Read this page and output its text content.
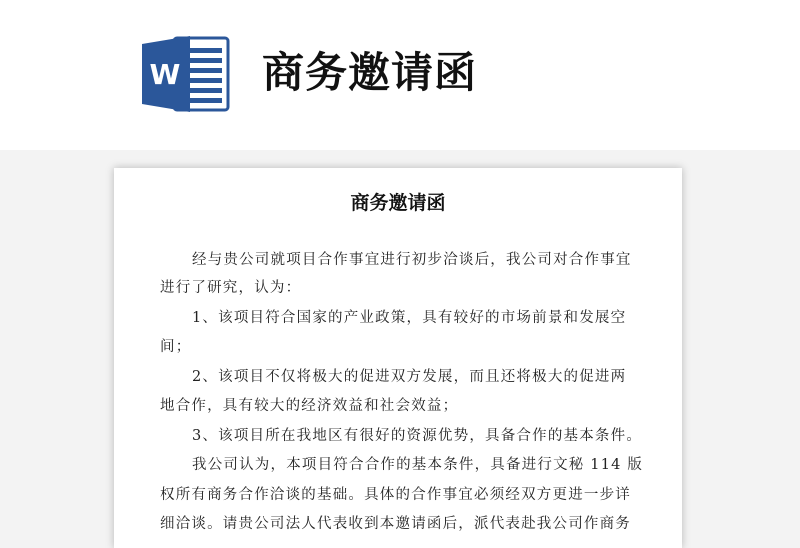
W 商务邀请函
商务邀请函
经与贵公司就项目合作事宜进行初步洽谈后，我公司对合作事宜
进行了研究，认为：
1、该项目符合国家的产业政策，具有较好的市场前景和发展空
间；
2、该项目不仅将极大的促进双方发展，而且还将极大的促进两
地合作，具有较大的经济效益和社会效益；
3、该项目所在我地区有很好的资源优势，具备合作的基本条件。
我公司认为，本项目符合合作的基本条件，具备进行文秘 114 版
权所有商务合作洽谈的基础。具体的合作事宜必须经双方更进一步详
细洽谈。请贵公司法人代表收到本邀请函后，派代表赴我公司作商务
